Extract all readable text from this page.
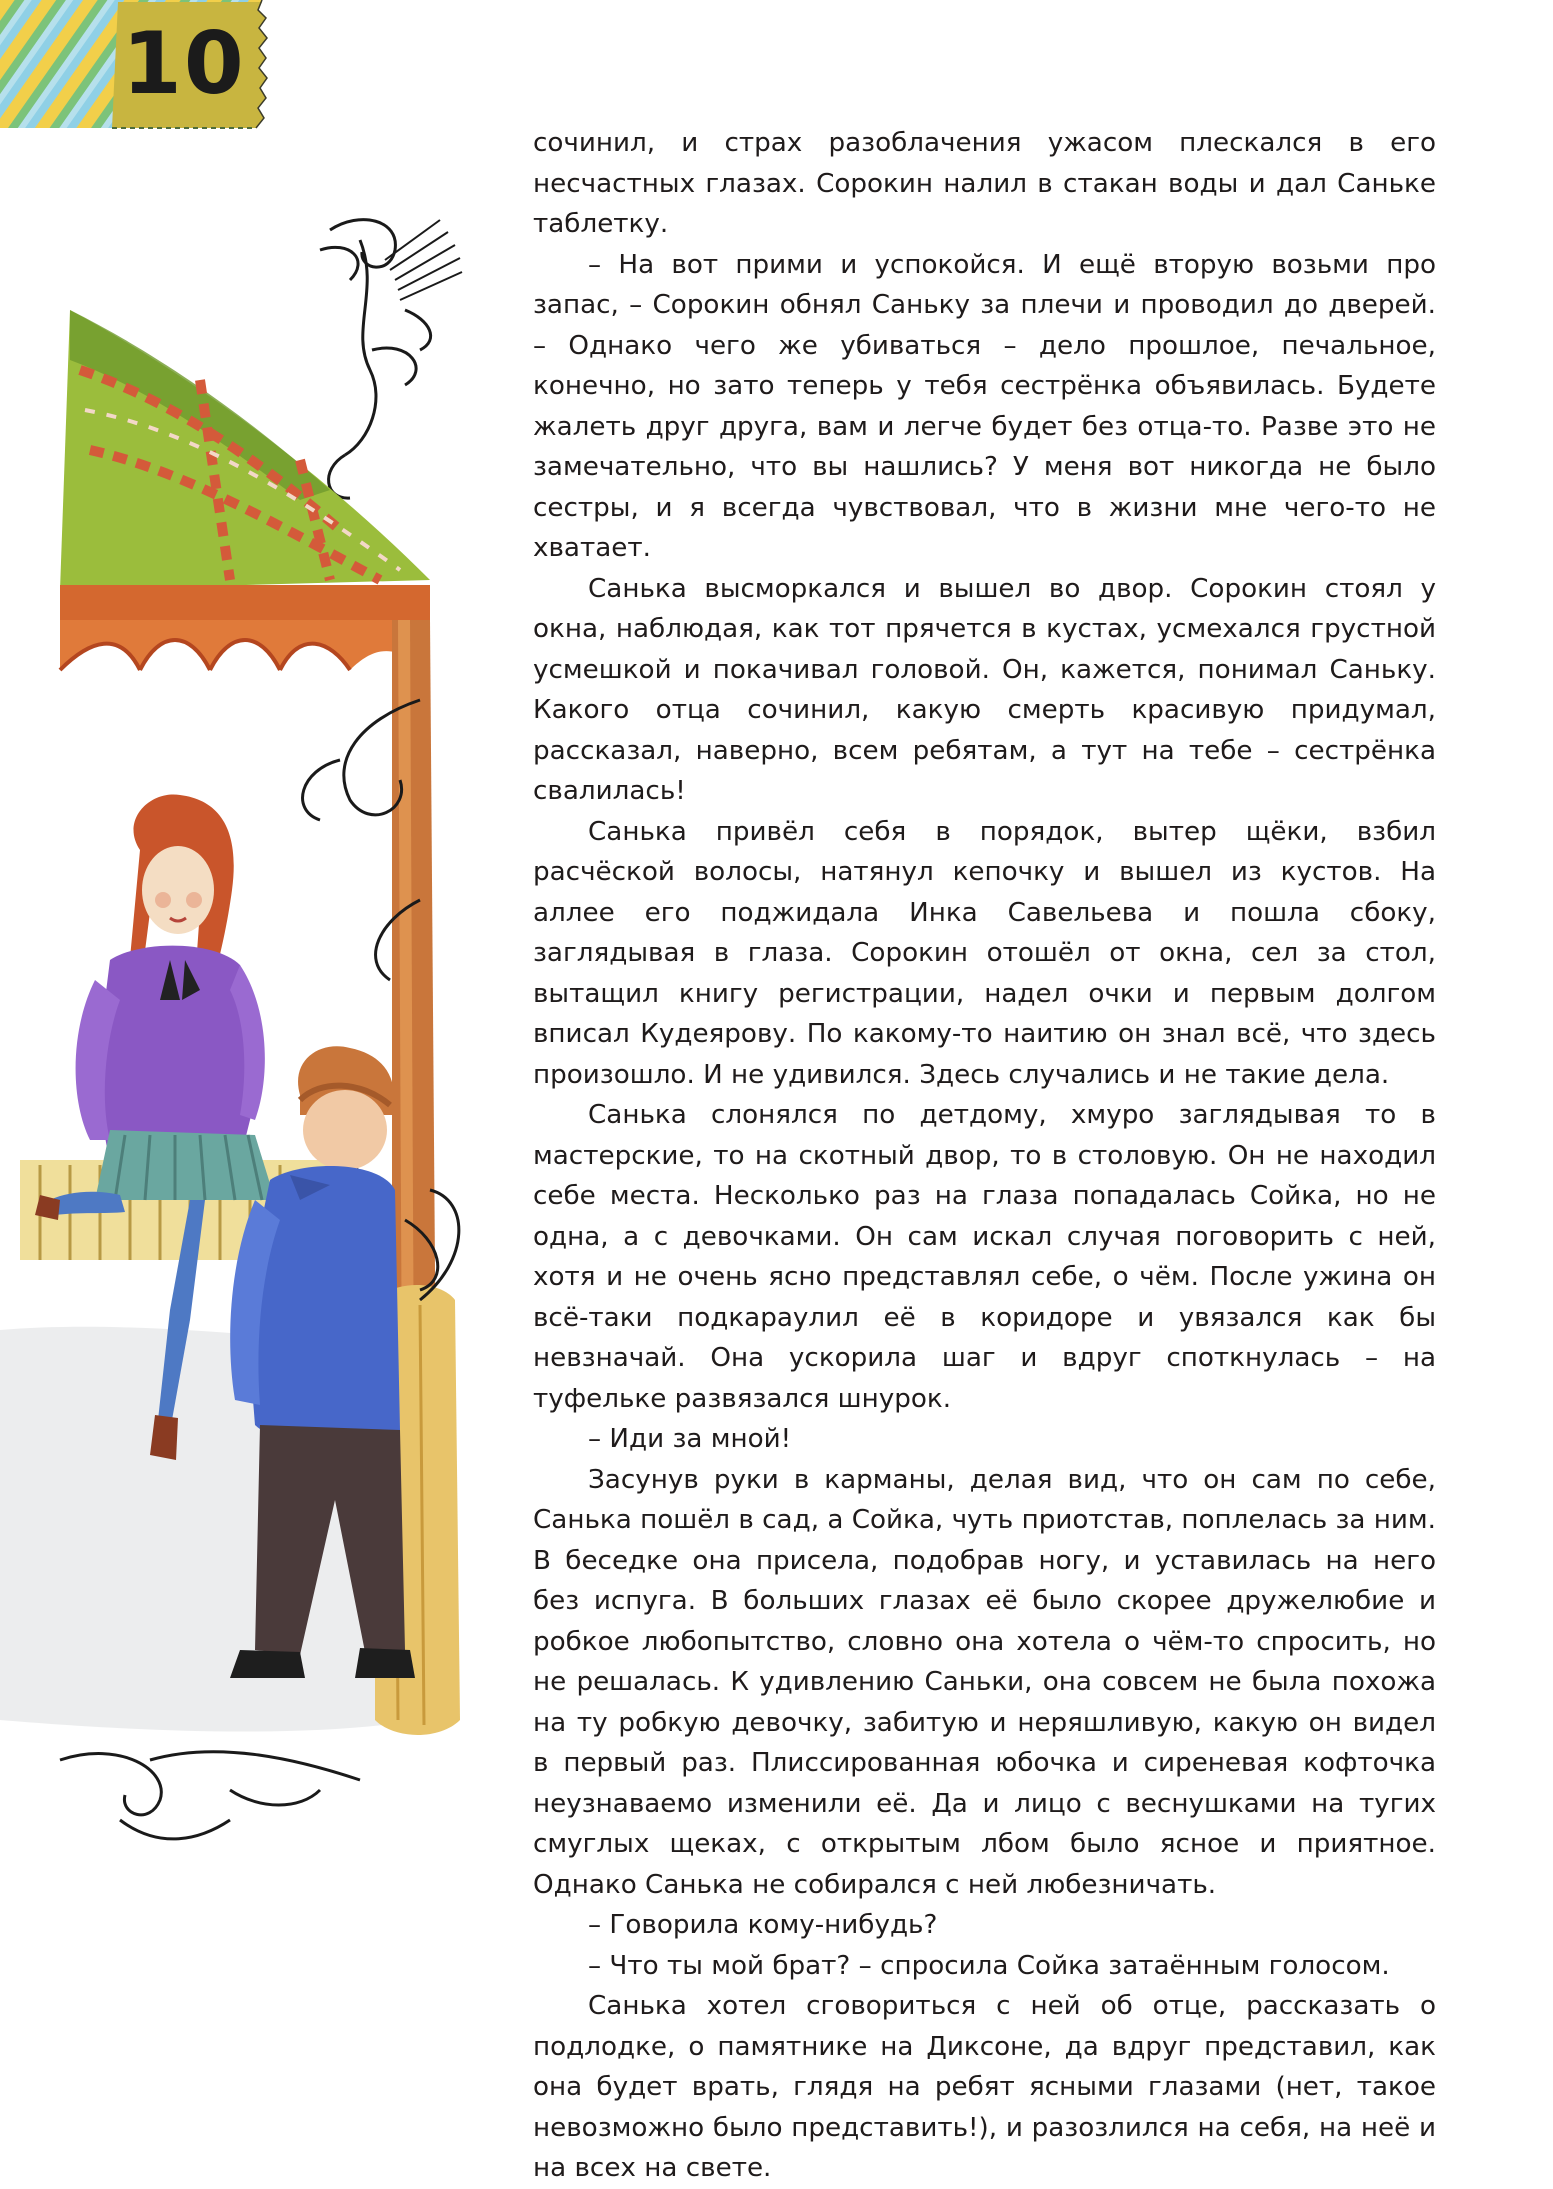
10

сочинил, и страх разоблачения ужасом плескался в его несчастных глазах. Сорокин налил в стакан воды и дал Саньке таблетку.

– На вот прими и успокойся. И ещё вторую возьми про запас, – Сорокин обнял Саньку за плечи и проводил до дверей. – Однако чего же убиваться – дело прошлое, печальное, конечно, но зато теперь у тебя сестрёнка объявилась. Будете жалеть друг друга, вам и легче будет без отца-то. Разве это не замечательно, что вы нашлись? У меня вот никогда не было сестры, и я всегда чувствовал, что в жизни мне чего-то не хватает.

Санька высморкался и вышел во двор. Сорокин стоял у окна, наблюдая, как тот прячется в кустах, усмехался грустной усмешкой и покачивал головой. Он, кажется, понимал Саньку. Какого отца сочинил, какую смерть красивую придумал, рассказал, наверно, всем ребятам, а тут на тебе – сестрёнка свалилась!

Санька привёл себя в порядок, вытер щёки, взбил расчёской волосы, натянул кепочку и вышел из кустов. На аллее его поджидала Инка Савельева и пошла сбоку, заглядывая в глаза. Сорокин отошёл от окна, сел за стол, вытащил книгу регистрации, надел очки и первым долгом вписал Кудеярову. По какому-то наитию он знал всё, что здесь произошло. И не удивился. Здесь случались и не такие дела.

Санька слонялся по детдому, хмуро заглядывая то в мастерские, то на скотный двор, то в столовую. Он не находил себе места. Несколько раз на глаза попадалась Сойка, но не одна, а с девочками. Он сам искал случая поговорить с ней, хотя и не очень ясно представлял себе, о чём. После ужина он всё-таки подкараулил её в коридоре и увязался как бы невзначай. Она ускорила шаг и вдруг споткнулась – на туфельке развязался шнурок.

– Иди за мной!

Засунув руки в карманы, делая вид, что он сам по себе, Санька пошёл в сад, а Сойка, чуть приотстав, поплелась за ним. В беседке она присела, подобрав ногу, и уставилась на него без испуга. В больших глазах её было скорее дружелюбие и робкое любопытство, словно она хотела о чём-то спросить, но не решалась. К удивлению Саньки, она совсем не была похожа на ту робкую девочку, забитую и неряшливую, какую он видел в первый раз. Плиссированная юбочка и сиреневая кофточка неузнаваемо изменили её. Да и лицо с веснушками на тугих смуглых щеках, с открытым лбом было ясное и приятное. Однако Санька не собирался с ней любезничать.

– Говорила кому-нибудь?

– Что ты мой брат? – спросила Сойка затаённым голосом.

Санька хотел сговориться с ней об отце, рассказать о подлодке, о памятнике на Диксоне, да вдруг представил, как она будет врать, глядя на ребят ясными глазами (нет, такое невозможно было представить!), и разозлился на себя, на неё и на всех на свете.
